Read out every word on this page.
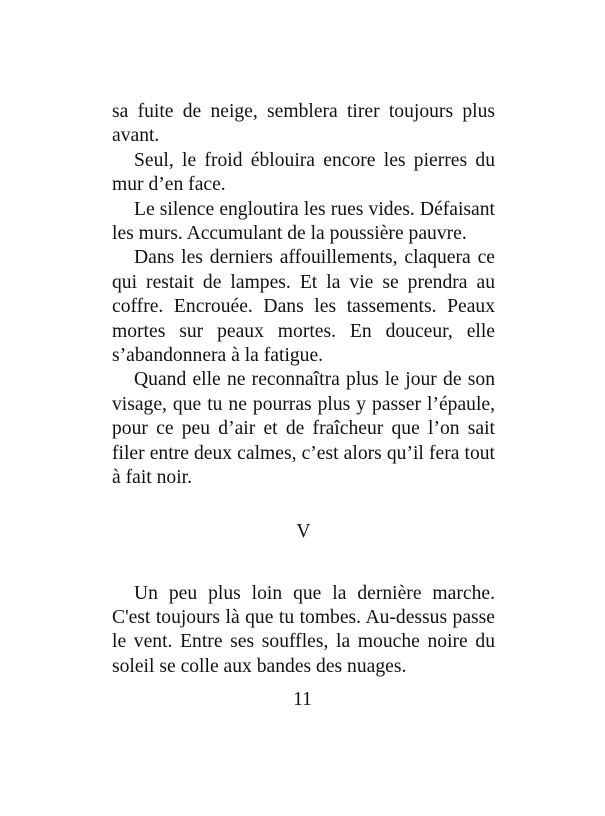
sa fuite de neige, semblera tirer toujours plus avant.

Seul, le froid éblouira encore les pierres du mur d’en face.

Le silence engloutira les rues vides. Défaisant les murs. Accumulant de la poussière pauvre.

Dans les derniers affouillements, claquera ce qui restait de lampes. Et la vie se prendra au coffre. Encrouée. Dans les tassements. Peaux mortes sur peaux mortes. En douceur, elle s’abandonnera à la fatigue.

Quand elle ne reconnaîtra plus le jour de son visage, que tu ne pourras plus y passer l’épaule, pour ce peu d’air et de fraîcheur que l’on sait filer entre deux calmes, c’est alors qu’il fera tout à fait noir.

V

Un peu plus loin que la dernière marche. C'est toujours là que tu tombes. Au-dessus passe le vent. Entre ses souffles, la mouche noire du soleil se colle aux bandes des nuages.

11
